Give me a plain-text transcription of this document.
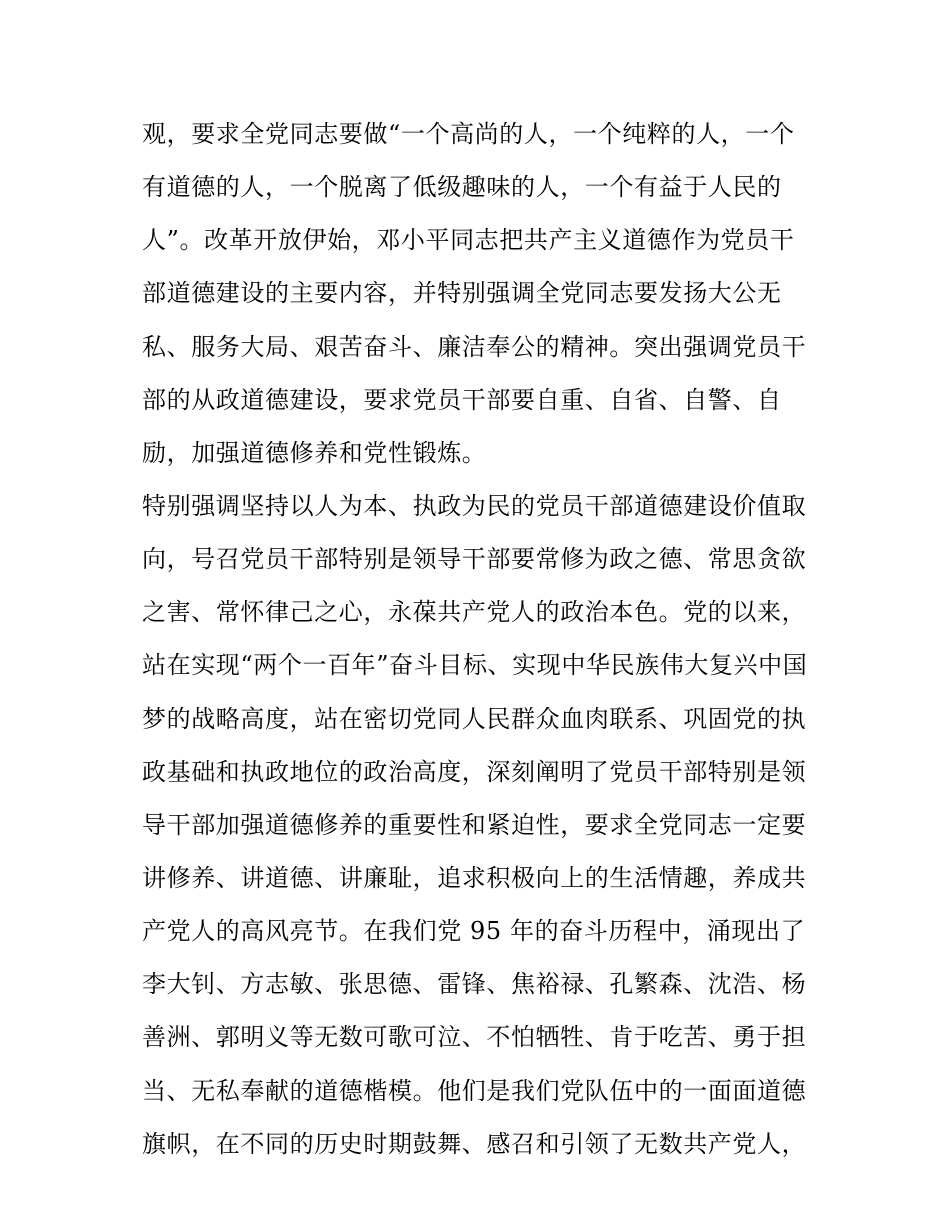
观，要求全党同志要做“一个高尚的人，一个纯粹的人，一个
有道德的人，一个脱离了低级趣味的人，一个有益于人民的
人”。改革开放伊始，邓小平同志把共产主义道德作为党员干
部道德建设的主要内容，并特别强调全党同志要发扬大公无
私、服务大局、艰苦奋斗、廉洁奉公的精神。突出强调党员干
部的从政道德建设，要求党员干部要自重、自省、自警、自
励，加强道德修养和党性锻炼。
特别强调坚持以人为本、执政为民的党员干部道德建设价值取
向，号召党员干部特别是领导干部要常修为政之德、常思贪欲
之害、常怀律己之心，永葆共产党人的政治本色。党的以来，
站在实现“两个一百年”奋斗目标、实现中华民族伟大复兴中国
梦的战略高度，站在密切党同人民群众血肉联系、巩固党的执
政基础和执政地位的政治高度，深刻阐明了党员干部特别是领
导干部加强道德修养的重要性和紧迫性，要求全党同志一定要
讲修养、讲道德、讲廉耻，追求积极向上的生活情趣，养成共
产党人的高风亮节。在我们党 95 年的奋斗历程中，涌现出了
李大钊、方志敏、张思德、雷锋、焦裕禄、孔繁森、沈浩、杨
善洲、郭明义等无数可歌可泣、不怕牺牲、肯于吃苦、勇于担
当、无私奉献的道德楷模。他们是我们党队伍中的一面面道德
旗帜，在不同的历史时期鼓舞、感召和引领了无数共产党人，
